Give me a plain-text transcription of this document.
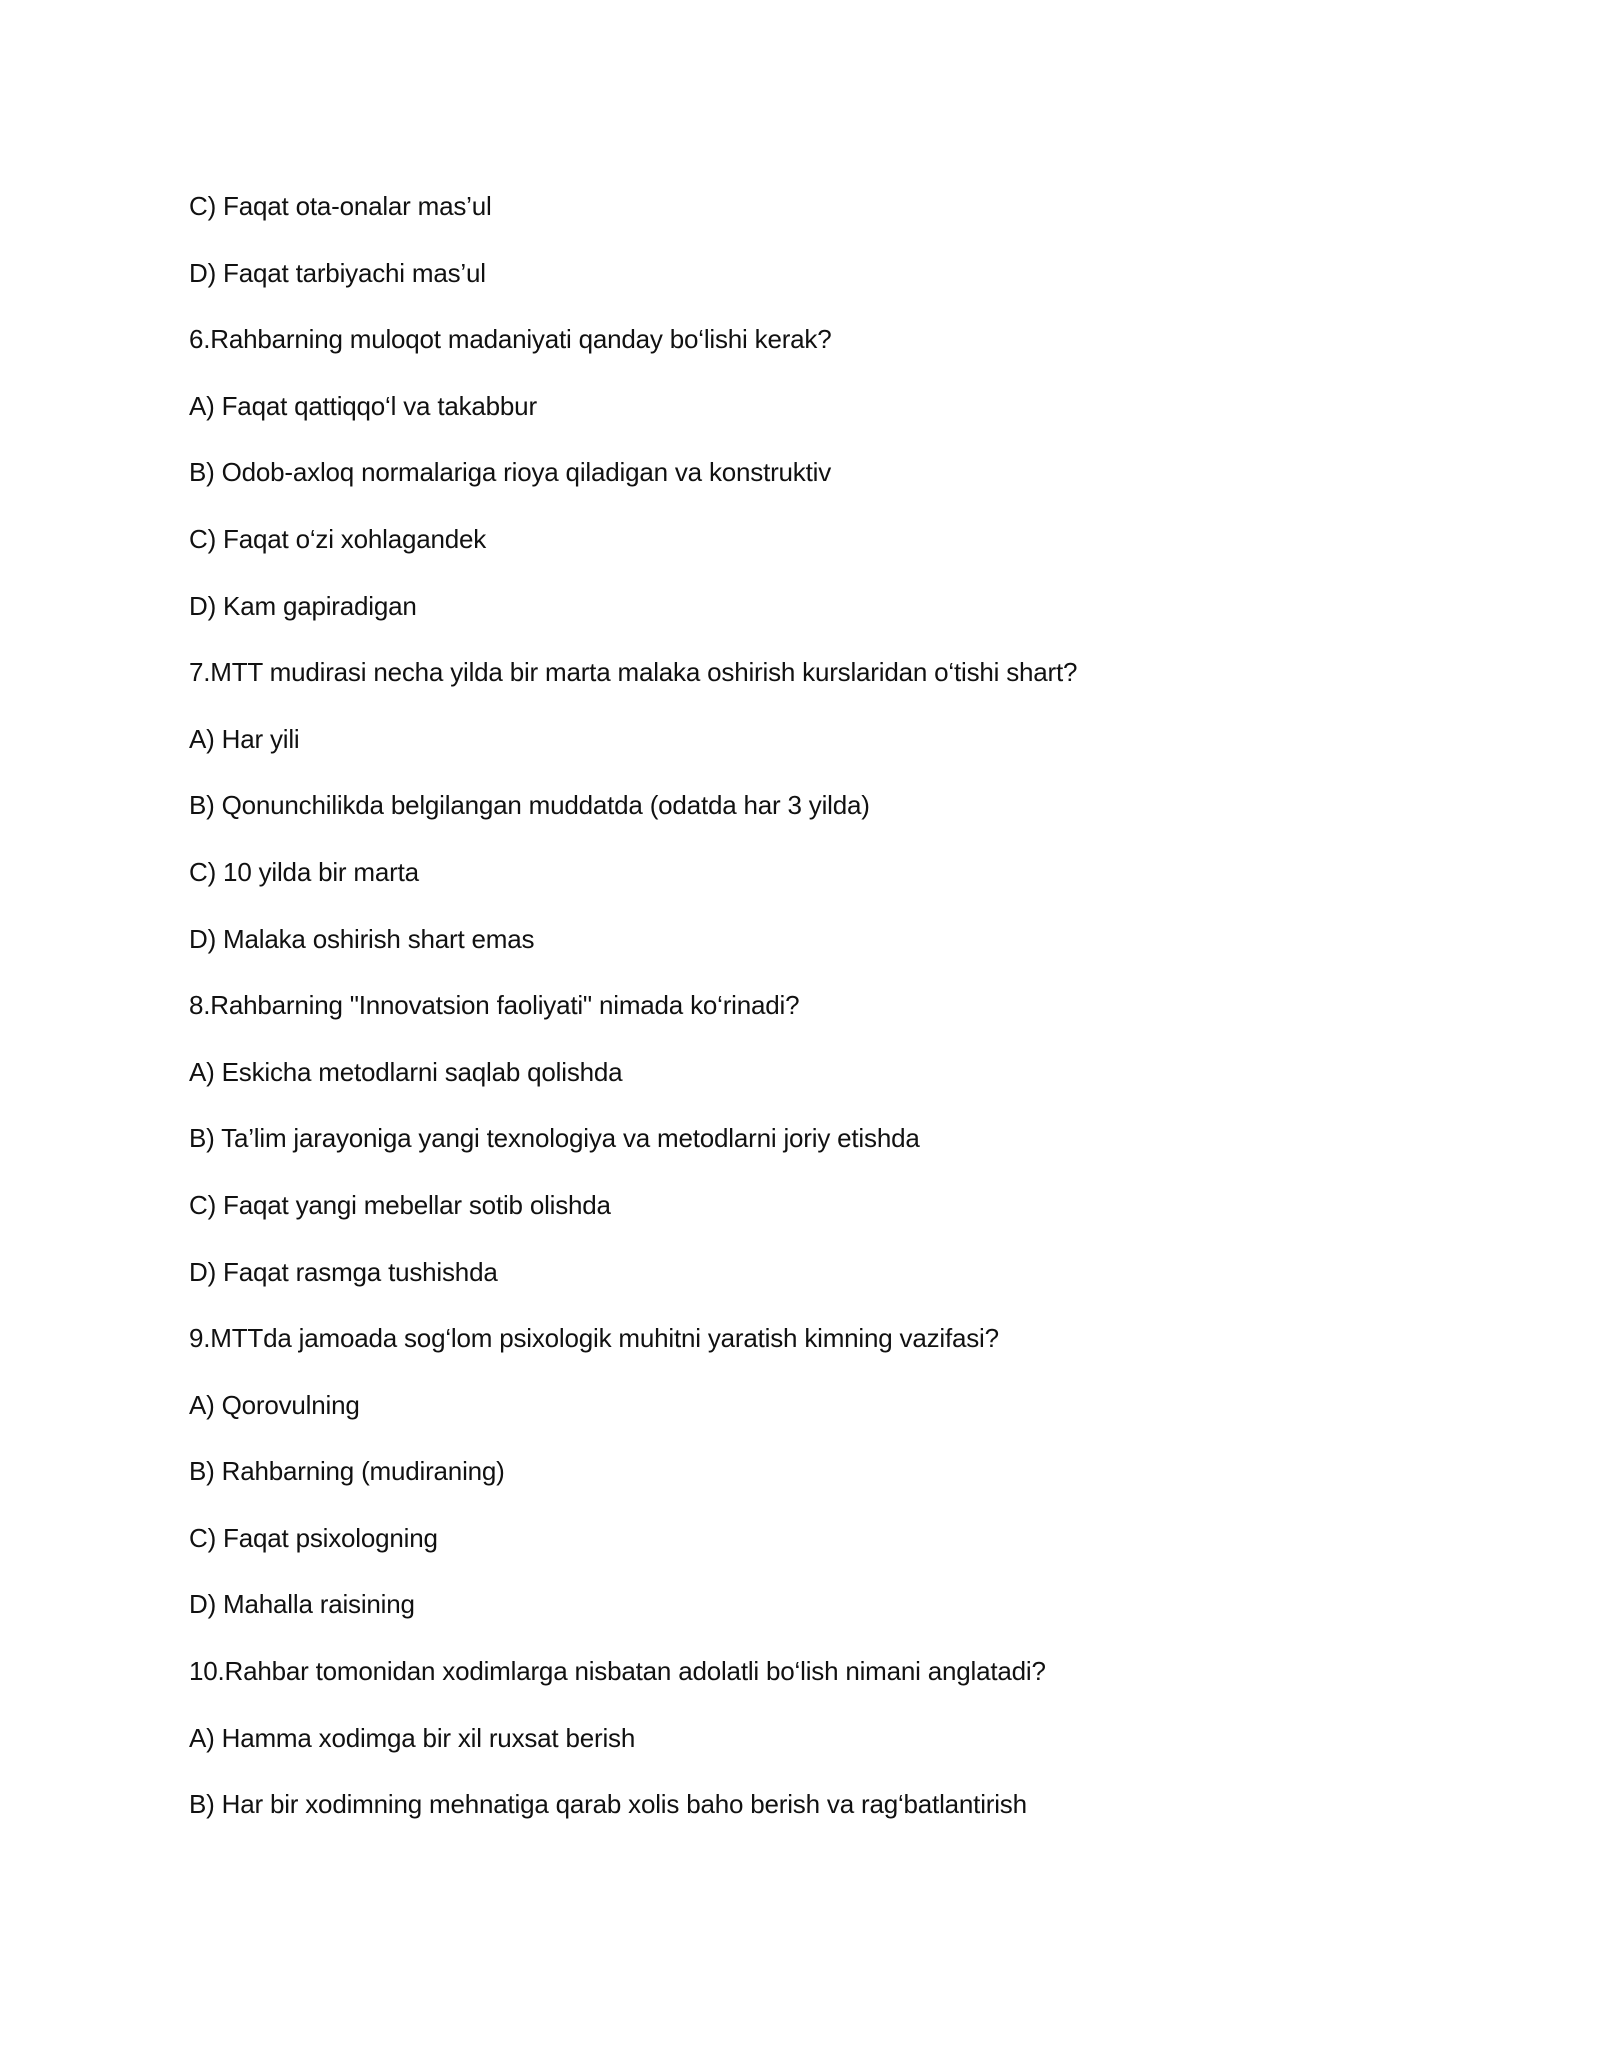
C) Faqat ota-onalar mas’ul
D) Faqat tarbiyachi mas’ul
6.Rahbarning muloqot madaniyati qanday bo‘lishi kerak?
A) Faqat qattiqqo‘l va takabbur
B) Odob-axloq normalariga rioya qiladigan va konstruktiv
C) Faqat o‘zi xohlagandek
D) Kam gapiradigan
7.MTT mudirasi necha yilda bir marta malaka oshirish kurslaridan o‘tishi shart?
A) Har yili
B) Qonunchilikda belgilangan muddatda (odatda har 3 yilda)
C) 10 yilda bir marta
D) Malaka oshirish shart emas
8.Rahbarning "Innovatsion faoliyati" nimada ko‘rinadi?
A) Eskicha metodlarni saqlab qolishda
B) Ta’lim jarayoniga yangi texnologiya va metodlarni joriy etishda
C) Faqat yangi mebellar sotib olishda
D) Faqat rasmga tushishda
9.MTTda jamoada sog‘lom psixologik muhitni yaratish kimning vazifasi?
A) Qorovulning
B) Rahbarning (mudiraning)
C) Faqat psixologning
D) Mahalla raisining
10.Rahbar tomonidan xodimlarga nisbatan adolatli bo‘lish nimani anglatadi?
A) Hamma xodimga bir xil ruxsat berish
B) Har bir xodimning mehnatiga qarab xolis baho berish va rag‘batlantirish
